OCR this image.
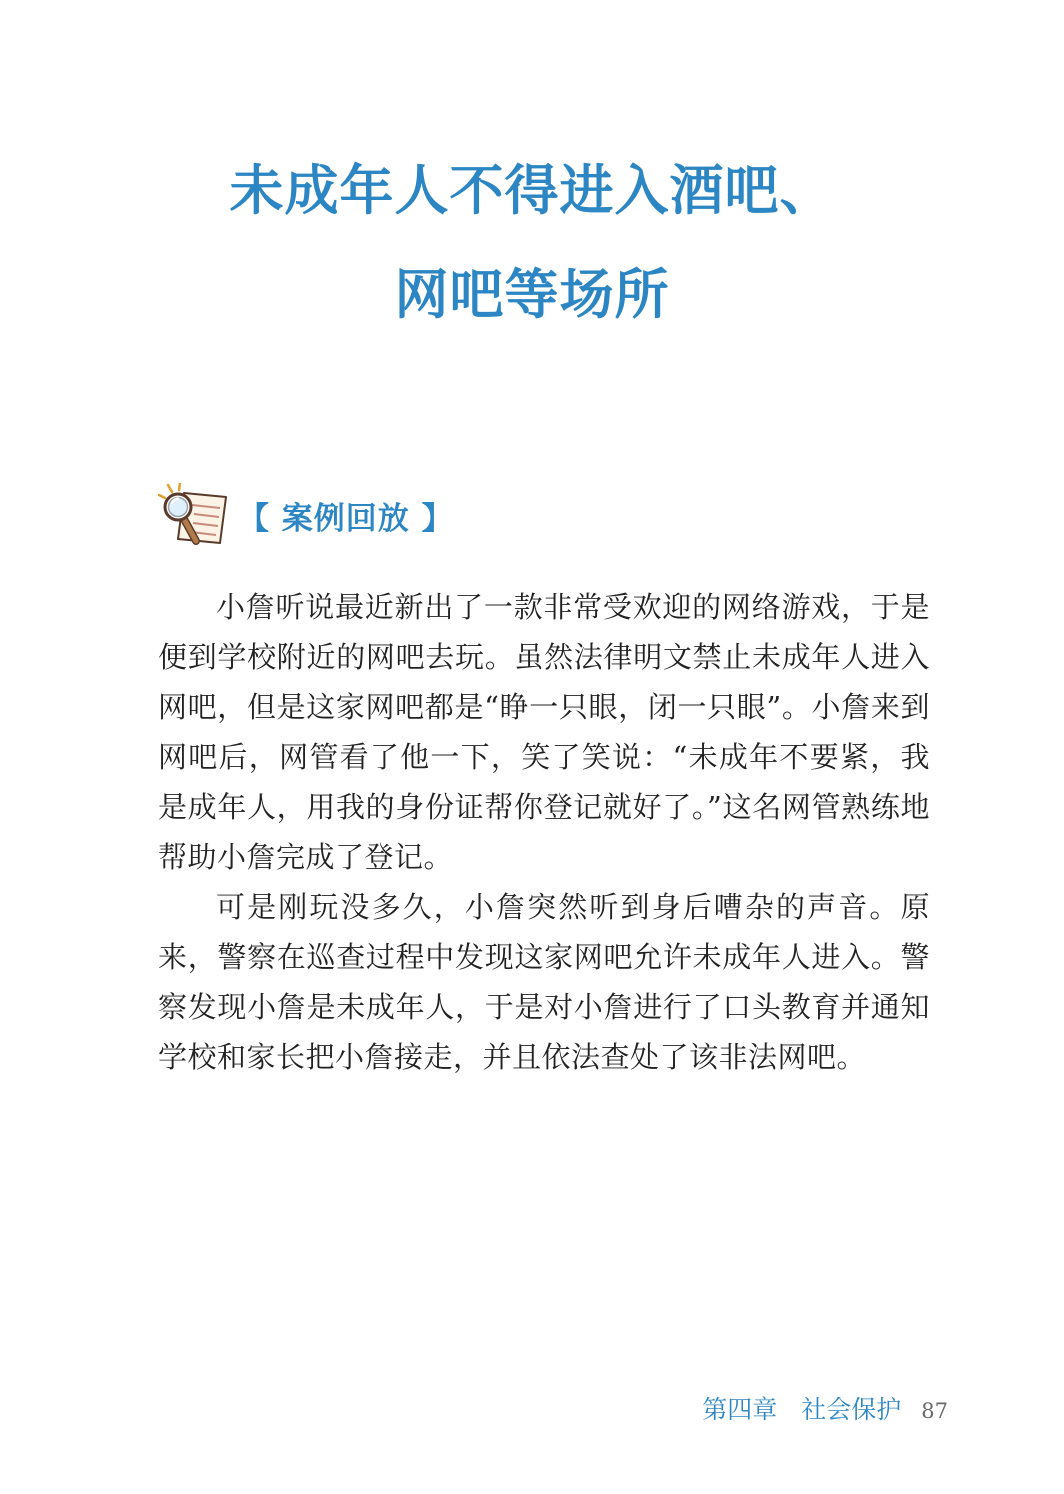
未成年人不得进入酒吧、
网吧等场所
【 案例回放 】

小詹听说最近新出了一款非常受欢迎的网络游戏，于是便到学校附近的网吧去玩。虽然法律明文禁止未成年人进入网吧，但是这家网吧都是“睁一只眼，闭一只眼”。小詹来到网吧后，网管看了他一下，笑了笑说：“未成年不要紧，我是成年人，用我的身份证帮你登记就好了。”这名网管熟练地帮助小詹完成了登记。

可是刚玩没多久，小詹突然听到身后嘈杂的声音。原来，警察在巡查过程中发现这家网吧允许未成年人进入。警察发现小詹是未成年人，于是对小詹进行了口头教育并通知学校和家长把小詹接走，并且依法查处了该非法网吧。

第四章 社会保护 87
